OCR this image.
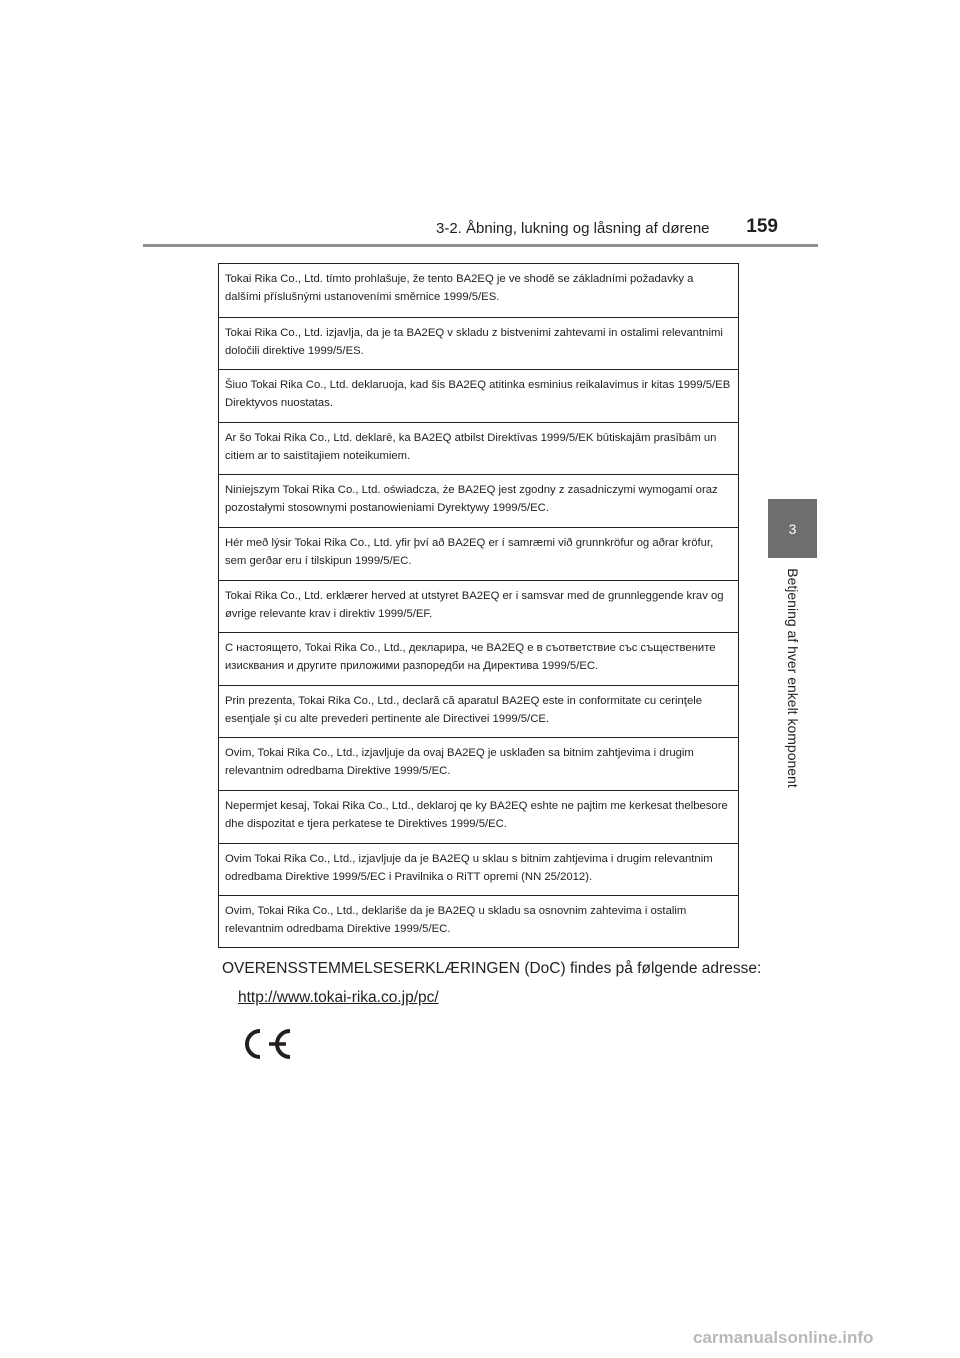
3-2. Åbning, lukning og låsning af dørene	159
3
Betjening af hver enkelt komponent
Tokai Rika Co., Ltd. tímto prohlašuje, že tento BA2EQ je ve shodě se základními požadavky a dalšími příslušnými ustanoveními směrnice 1999/5/ES.
Tokai Rika Co., Ltd. izjavlja, da je ta BA2EQ v skladu z bistvenimi zahtevami in ostalimi relevantnimi določili direktive 1999/5/ES.
Šiuo Tokai Rika Co., Ltd. deklaruoja, kad šis BA2EQ atitinka esminius reikalavimus ir kitas 1999/5/EB Direktyvos nuostatas.
Ar šo Tokai Rika Co., Ltd. deklarē, ka BA2EQ atbilst Direktīvas 1999/5/EK būtiskajām prasībām un citiem ar to saistītajiem noteikumiem.
Niniejszym Tokai Rika Co., Ltd. oświadcza, że BA2EQ jest zgodny z zasadniczymi wymogami oraz pozostałymi stosownymi postanowieniami Dyrektywy 1999/5/EC.
Hér með lýsir Tokai Rika Co., Ltd. yfir því að BA2EQ er í samræmi við grunnkröfur og aðrar kröfur, sem gerðar eru í tilskipun 1999/5/EC.
Tokai Rika Co., Ltd. erklærer herved at utstyret BA2EQ er i samsvar med de grunnleggende krav og øvrige relevante krav i direktiv 1999/5/EF.
С настоящето, Tokai Rika Co., Ltd., декларира, че BA2EQ е в съответствие със съществените изисквания и другите приложими разпоредби на Директива 1999/5/EC.
Prin prezenta, Tokai Rika Co., Ltd., declară că aparatul BA2EQ este in conformitate cu cerinţele esenţiale şi cu alte prevederi pertinente ale Directivei 1999/5/CE.
Ovim, Tokai Rika Co., Ltd., izjavljuje da ovaj BA2EQ je usklađen sa bitnim zahtjevima i drugim relevantnim odredbama Direktive 1999/5/EC.
Nepermjet kesaj, Tokai Rika Co., Ltd., deklaroj qe ky BA2EQ eshte ne pajtim me kerkesat thelbesore dhe dispozitat e tjera perkatese te Direktives 1999/5/EC.
Ovim Tokai Rika Co., Ltd., izjavljuje da je BA2EQ u sklau s bitnim zahtjevima i drugim relevantnim odredbama Direktive 1999/5/EC i Pravilnika o RiTT opremi (NN 25/2012).
Ovim, Tokai Rika Co., Ltd., deklariše da je BA2EQ u skladu sa osnovnim zahtevima i ostalim relevantnim odredbama Direktive 1999/5/EC.
OVERENSSTEMMELSESERKLÆRINGEN (DoC) findes på følgende adresse:
http://www.tokai-rika.co.jp/pc/
carmanualsonline.info
